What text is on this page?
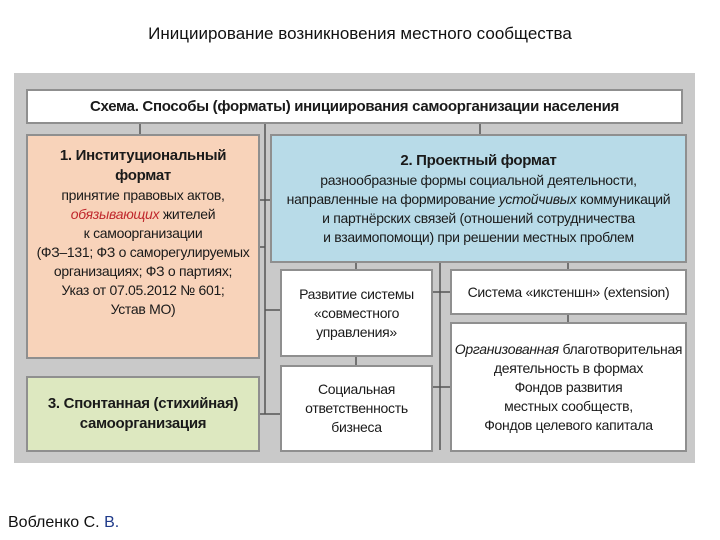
Инициирование возникновения местного сообщества
Схема. Способы (форматы) инициирования самоорганизации населения
1. Институциональный
формат
принятие правовых актов,
обязывающих жителей
к самоорганизации
(ФЗ–131; ФЗ о саморегулируемых
организациях; ФЗ о партиях;
Указ от 07.05.2012 № 601;
Устав МО)
2. Проектный формат
разнообразные формы социальной деятельности,
направленные на формирование устойчивых коммуникаций
и партнёрских связей (отношений сотрудничества
и взаимопомощи) при решении местных проблем
Развитие системы
«совместного
управления»
Система «икстеншн» (extension)
Организованная благотворительная
деятельность в формах
Фондов развития
местных сообществ,
Фондов целевого капитала
3. Спонтанная (стихийная)
самоорганизация
Социальная
ответственность
бизнеса
Вобленко С. В.
